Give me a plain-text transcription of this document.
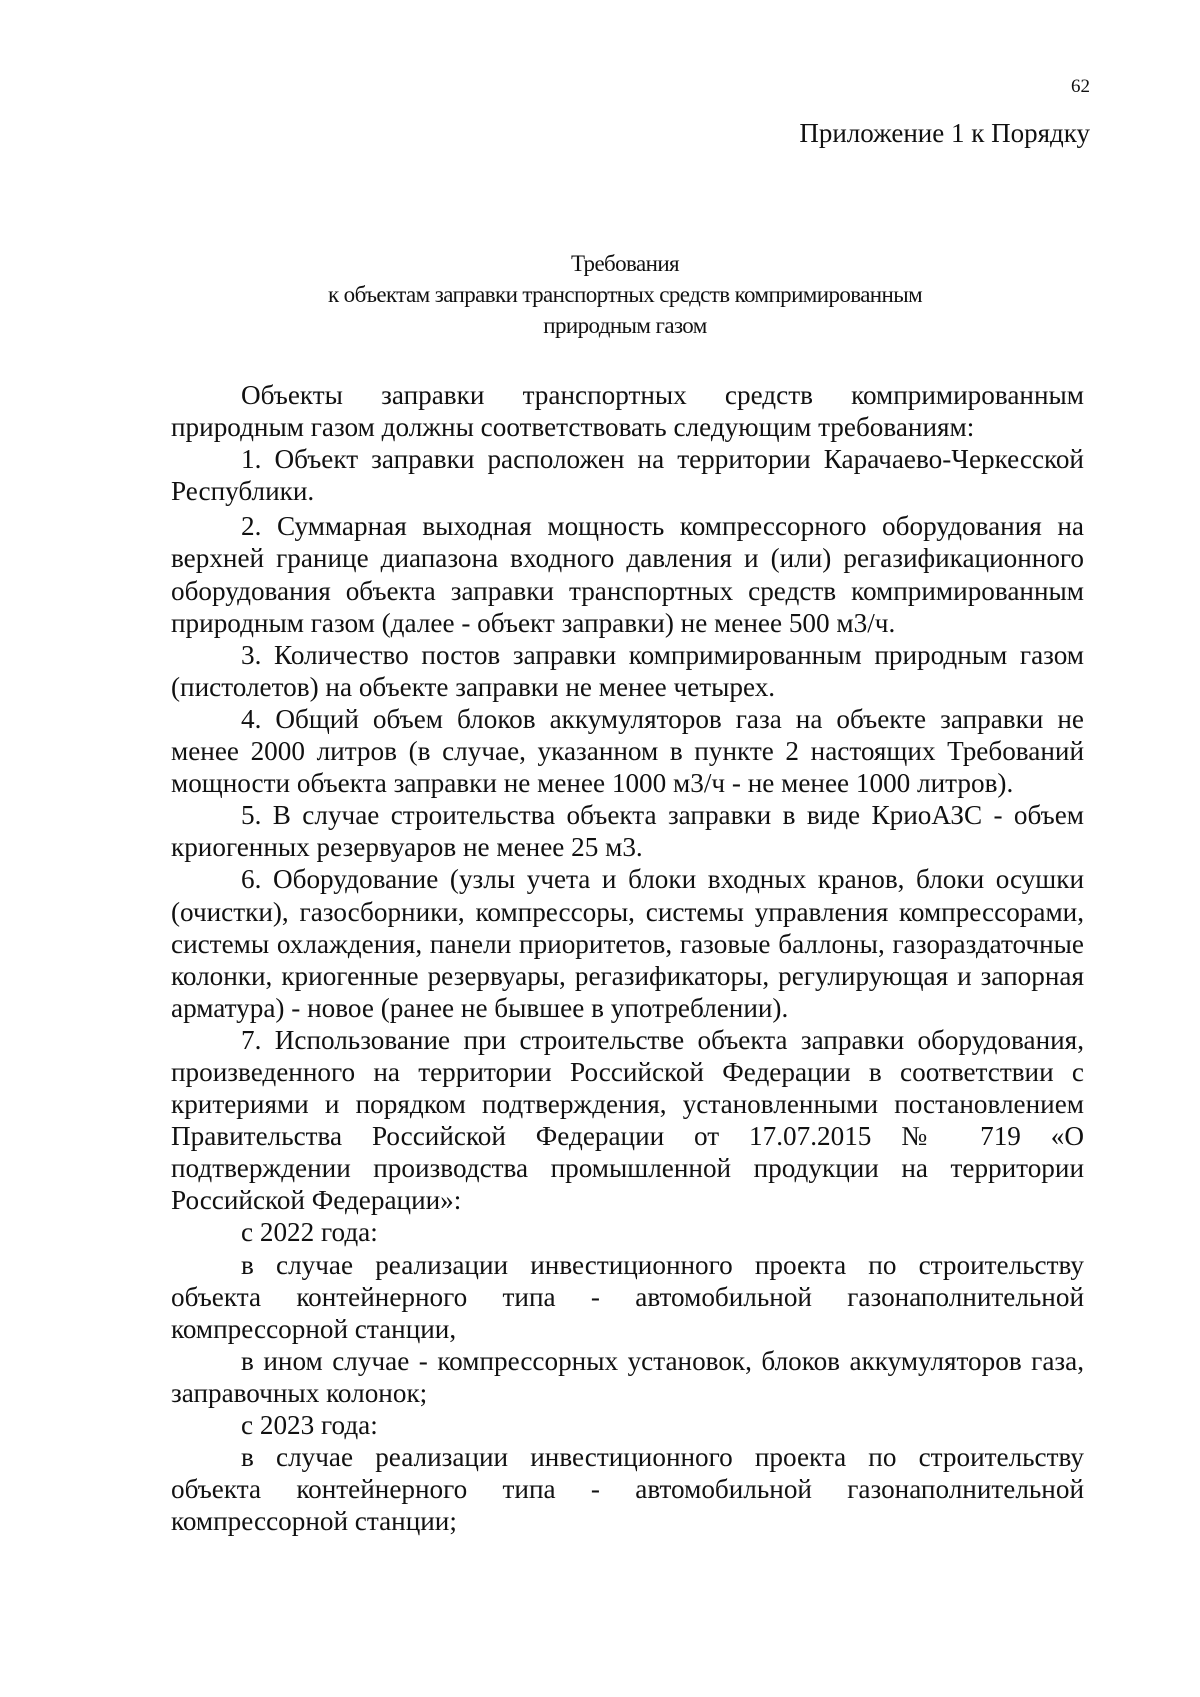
62
Приложение 1 к Порядку
Требования
к объектам заправки транспортных средств компримированным
природным газом

Объекты заправки транспортных средств компримированным природным газом должны соответствовать следующим требованиям:

1. Объект заправки расположен на территории Карачаево-Черкесской Республики.

2. Суммарная выходная мощность компрессорного оборудования на верхней границе диапазона входного давления и (или) регазификационного оборудования объекта заправки транспортных средств компримированным природным газом (далее - объект заправки) не менее 500 м3/ч.

3. Количество постов заправки компримированным природным газом (пистолетов) на объекте заправки не менее четырех.

4. Общий объем блоков аккумуляторов газа на объекте заправки не менее 2000 литров (в случае, указанном в пункте 2 настоящих Требований мощности объекта заправки не менее 1000 м3/ч - не менее 1000 литров).

5. В случае строительства объекта заправки в виде КриоАЗС - объем криогенных резервуаров не менее 25 м3.

6. Оборудование (узлы учета и блоки входных кранов, блоки осушки (очистки), газосборники, компрессоры, системы управления компрессорами, системы охлаждения, панели приоритетов, газовые баллоны, газораздаточные колонки, криогенные резервуары, регазификаторы, регулирующая и запорная арматура) - новое (ранее не бывшее в употреблении).

7. Использование при строительстве объекта заправки оборудования, произведенного на территории Российской Федерации в соответствии с критериями и порядком подтверждения, установленными постановлением Правительства Российской Федерации от 17.07.2015 № 719 «О подтверждении производства промышленной продукции на территории Российской Федерации»:

с 2022 года:

в случае реализации инвестиционного проекта по строительству объекта контейнерного типа - автомобильной газонаполнительной компрессорной станции,

в ином случае - компрессорных установок, блоков аккумуляторов газа, заправочных колонок;

с 2023 года:

в случае реализации инвестиционного проекта по строительству объекта контейнерного типа - автомобильной газонаполнительной компрессорной станции;
